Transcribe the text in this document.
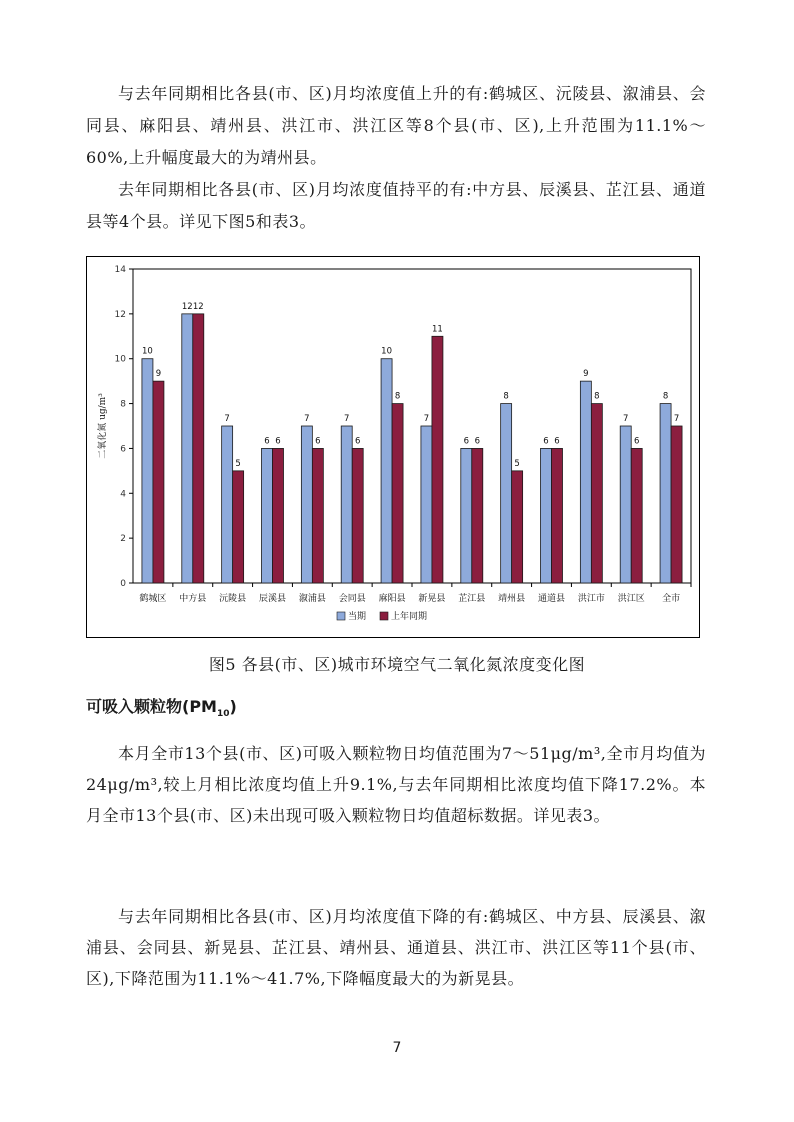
与去年同期相比各县(市、区)月均浓度值上升的有:鹤城区、沅陵县、溆浦县、会同县、麻阳县、靖州县、洪江市、洪江区等8个县(市、区),上升范围为11.1%～60%,上升幅度最大的为靖州县。

去年同期相比各县(市、区)月均浓度值持平的有:中方县、辰溪县、芷江县、通道县等4个县。详见下图5和表3。

0
2
4
6
8
10
12
14
二氧化氮 ug/m³
10
9
鹤城区
12 12
中方县
7
5
沅陵县
6 6
辰溪县
7
6
溆浦县
7
6
会同县
10
8
麻阳县
7
11
新晃县
6 6
芷江县
8
5
靖州县
6 6
通道县
9
8
洪江市
7
6
洪江区
8
7
全市
当期	上年同期
图5 各县(市、区)城市环境空气二氧化氮浓度变化图
可吸入颗粒物$(PM_{10})$

本月全市13个县(市、区)可吸入颗粒物日均值范围为7～51μg/m³,全市月均值为24μg/m³,较上月相比浓度均值上升9.1%,与去年同期相比浓度均值下降17.2%。本月全市13个县(市、区)未出现可吸入颗粒物日均值超标数据。详见表3。

与去年同期相比各县(市、区)月均浓度值下降的有:鹤城区、中方县、辰溪县、溆浦县、会同县、新晃县、芷江县、靖州县、通道县、洪江市、洪江区等11个县(市、区),下降范围为11.1%～41.7%,下降幅度最大的为新晃县。

7
